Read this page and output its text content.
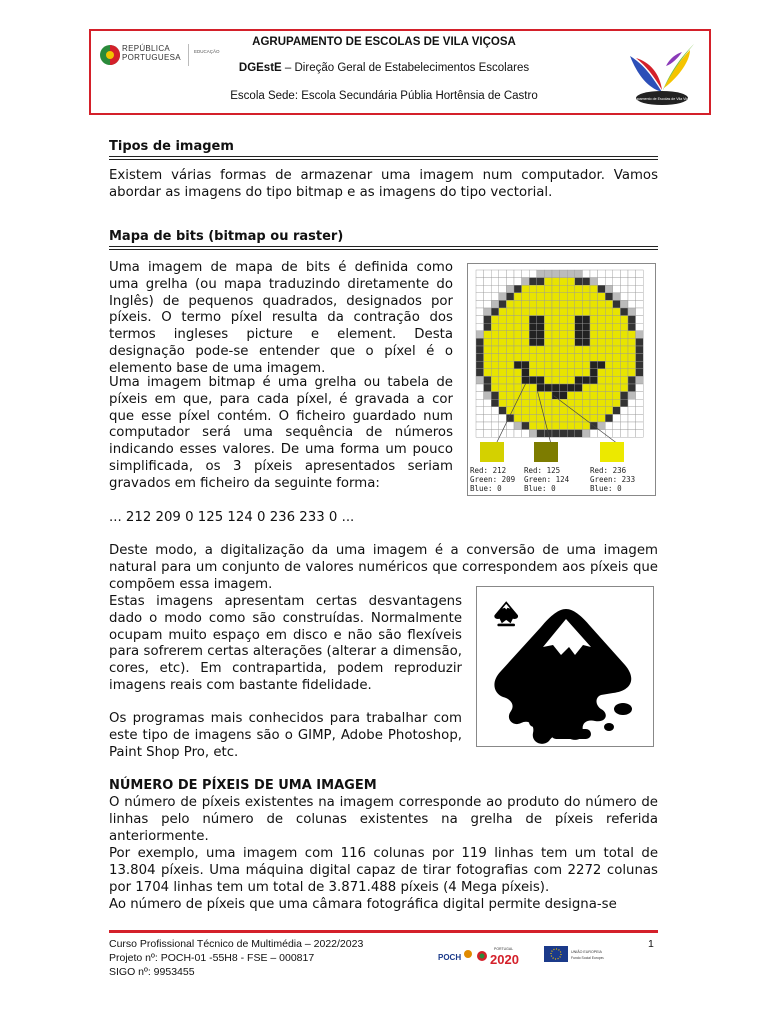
REPÚBLICA
PORTUGUESA
EDUCAÇÃO
AGRUPAMENTO DE ESCOLAS DE VILA VIÇOSA
DGEstE – Direção Geral de Estabelecimentos Escolares
Escola Sede: Escola Secundária Públia Hortênsia de Castro	Agrupamento de Escolas de Vila Viçosa
Tipos de imagem

Existem várias formas de armazenar uma imagem num computador. Vamos abordar as imagens do tipo bitmap e as imagens do tipo vectorial.

Mapa de bits (bitmap ou raster)

Uma imagem de mapa de bits é definida como uma grelha (ou mapa traduzindo diretamente do Inglês) de pequenos quadrados, designados por píxeis. O termo píxel resulta da contração dos termos ingleses picture e element. Desta designação pode-se entender que o píxel é o elemento base de uma imagem.

Uma imagem bitmap é uma grelha ou tabela de píxeis em que, para cada píxel, é gravada a cor que esse píxel contém. O ficheiro guardado num computador será uma sequência de números indicando esses valores. De uma forma um pouco simplificada, os 3 píxeis apresentados seriam gravados em ficheiro da seguinte forma:

... 212 209 0 125 124 0 236 233 0 ...

Red: 212
Green: 209
Blue: 0
Red: 125
Green: 124
Blue: 0
Red: 236
Green: 233
Blue: 0

Deste modo, a digitalização da uma imagem é a conversão de uma imagem natural para um conjunto de valores numéricos que correspondem aos píxeis que compõem essa imagem.

Estas imagens apresentam certas desvantagens dado o modo como são construídas. Normalmente ocupam muito espaço em disco e não são flexíveis para sofrerem certas alterações (alterar a dimensão, cores, etc). Em contrapartida, podem reproduzir imagens reais com bastante fidelidade.

Os programas mais conhecidos para trabalhar com este tipo de imagens são o GIMP, Adobe Photoshop, Paint Shop Pro, etc.

NÚMERO DE PÍXEIS DE UMA IMAGEM

O número de píxeis existentes na imagem corresponde ao produto do número de linhas pelo número de colunas existentes na grelha de píxeis referida anteriormente.

Por exemplo, uma imagem com 116 colunas por 119 linhas tem um total de 13.804 píxeis. Uma máquina digital capaz de tirar fotografias com 2272 colunas por 1704 linhas tem um total de 3.871.488 píxeis (4 Mega píxeis).

Ao número de píxeis que uma câmara fotográfica digital permite designa-se

Curso Profissional Técnico de Multimédia – 2022/2023
Projeto nº: POCH-01 -55H8 - FSE – 000817
SIGO nº: 9953455
1
POCH
PORTUGAL
2020	UNIÃO EUROPEIA
Fundo Social Europeu
